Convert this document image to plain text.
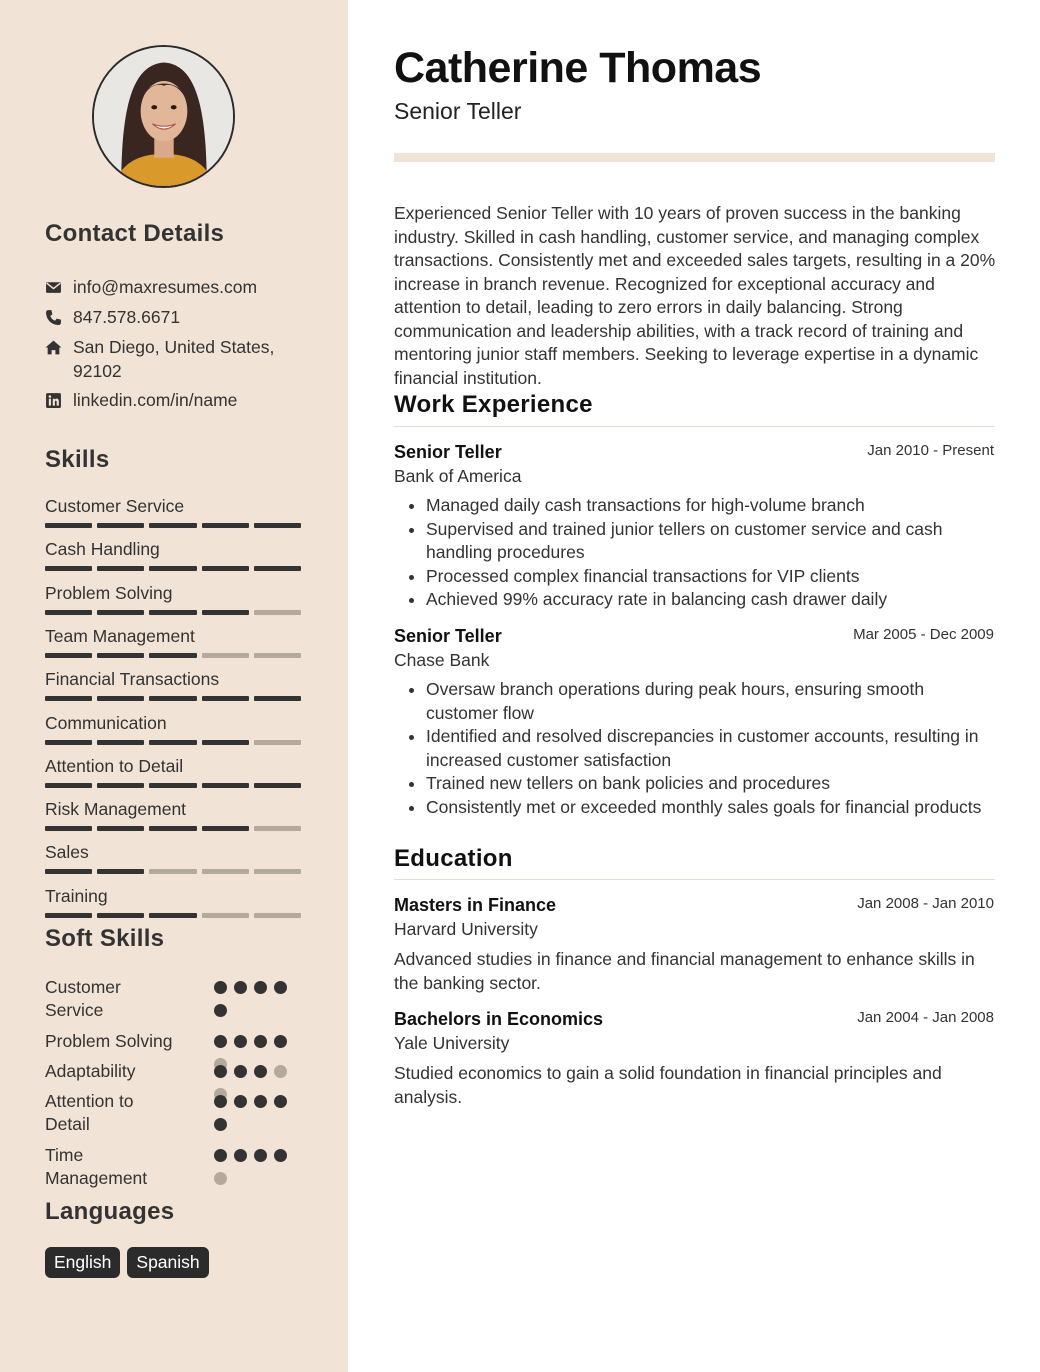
Contact Details
info@maxresumes.com
847.578.6671
San Diego, United States, 92102
linkedin.com/in/name
Skills
Customer Service
Cash Handling
Problem Solving
Team Management
Financial Transactions
Communication
Attention to Detail
Risk Management
Sales
Training
Soft Skills
Customer Service
Problem Solving
Adaptability
Attention to Detail
Time Management
Languages
English	Spanish
Catherine Thomas
Senior Teller
Experienced Senior Teller with 10 years of proven success in the banking industry. Skilled in cash handling, customer service, and managing complex transactions. Consistently met and exceeded sales targets, resulting in a 20% increase in branch revenue. Recognized for exceptional accuracy and attention to detail, leading to zero errors in daily balancing. Strong communication and leadership abilities, with a track record of training and mentoring junior staff members. Seeking to leverage expertise in a dynamic financial institution.
Work Experience
Senior Teller	Jan 2010 - Present
Bank of America
• Managed daily cash transactions for high-volume branch
• Supervised and trained junior tellers on customer service and cash handling procedures
• Processed complex financial transactions for VIP clients
• Achieved 99% accuracy rate in balancing cash drawer daily
Senior Teller	Mar 2005 - Dec 2009
Chase Bank
• Oversaw branch operations during peak hours, ensuring smooth customer flow
• Identified and resolved discrepancies in customer accounts, resulting in increased customer satisfaction
• Trained new tellers on bank policies and procedures
• Consistently met or exceeded monthly sales goals for financial products
Education
Masters in Finance	Jan 2008 - Jan 2010
Harvard University
Advanced studies in finance and financial management to enhance skills in the banking sector.
Bachelors in Economics	Jan 2004 - Jan 2008
Yale University
Studied economics to gain a solid foundation in financial principles and analysis.
